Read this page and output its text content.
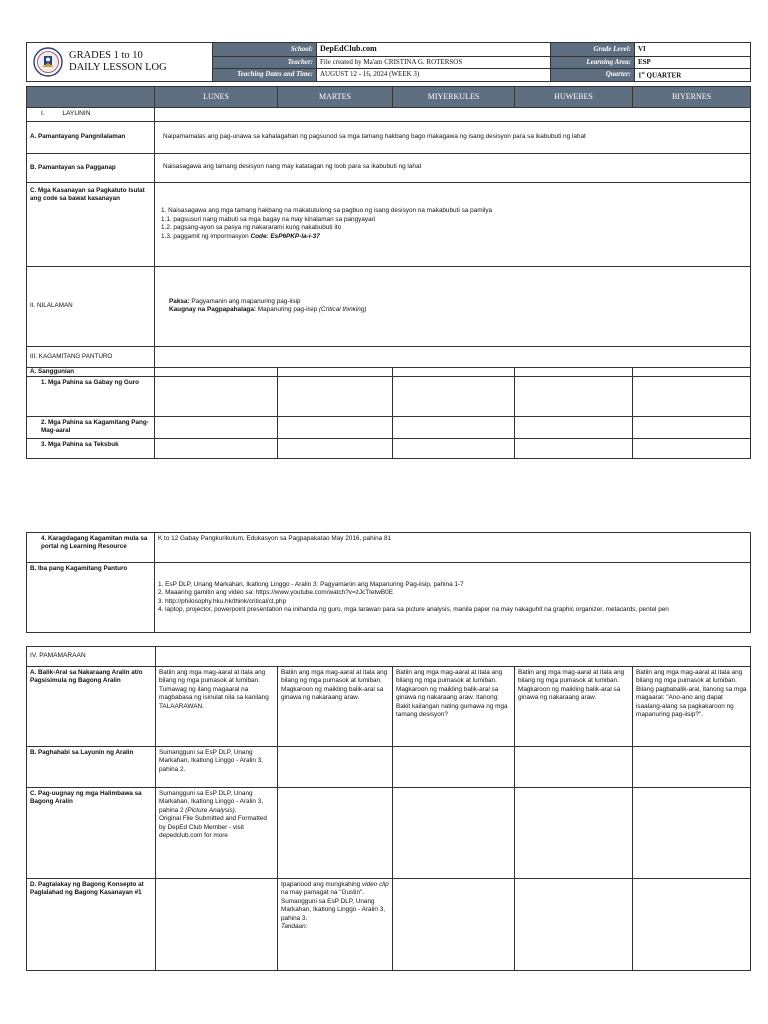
GRADES 1 to 10
DAILY LESSON LOG	School:	DepEdClub.com	Grade Level:	VI
	Teacher:	File created by Ma'am CRISTINA G. ROTERSOS	Learning Area:	ESP
	Teaching Dates and Time:	AUGUST 12 - 16, 2024 (WEEK 3)	Quarter:	1st QUARTER
	LUNES	MARTES	MIYERKULES	HUWEBES	BIYERNES
I. LAYUNIN					
A. Pamantayang Pangnilalaman	Naipamamalas ang pag-unawa sa kahalagahan ng pagsunod sa mga tamang hakbang bago makagawa ng isang desisyon para sa ikabubuti ng lahat				
B. Pamantayan sa Pagganap	Naisasagawa ang tamang desisyon nang may katatagan ng loob para sa ikabubuti ng lahat				
C. Mga Kasanayan sa Pagkatuto Isulat ang code sa bawat kasanayan	1. Naisasagawa ang mga tamang hakbang na makatutulong sa pagbuo ng isang desisyon na makabubuti sa pamilya
1.1. pagsusuri nang mabuti sa mga bagay na may kinalaman sa pangyayari
1.2. pagsang-ayon sa pasya ng nakararami kung nakabubuti ito
1.3. paggamit ng impormasyon Code: EsP6PKP-Ia-i-37				

II. NILALAMAN	Paksa: Pagyamanin ang mapanuring pag-iisip
Kaugnay na Pagpapahalaga: Mapanuring pag-iisip (Critical thinking)				

III. KAGAMITANG PANTURO					
A. Sanggunian					
1. Mga Pahina sa Gabay ng Guro					
2. Mga Pahina sa Kagamitang Pang-Mag-aaral					
3. Mga Pahina sa Teksbuk					
4. Karagdagang Kagamitan mula sa portal ng Learning Resource	K to 12 Gabay Pangkurikulum, Edukasyon sa Pagpapakatao May 2016, pahina 81
B. Iba pang Kagamitang Panturo	1. EsP DLP, Unang Markahan, Ikatlong Linggo - Aralin 3: Pagyamanin ang Mapanuring Pag-iisip, pahina 1-7
2. Maaaring gamitin ang video sa: https://www.youtube.com/watch?v=zJcTtetwB0E
3. http://philosophy.hku.hk/think/critical/ct.php
4. laptop, projector, powerpoint presentation na inihanda ng guro, mga larawan para sa picture analysis, manila paper na may nakaguhit na graphic organizer, metacards, pentel pen
IV. PAMAMARAAN					
A. Balik-Aral sa Nakaraang Aralin at/o Pagsisimula ng Bagong Aralin	Batiin ang mga mag-aaral at itala ang bilang ng mga pumasok at lumiban. Tumawag ng ilang magaaral na magbabasa ng isinulat nila sa kanilang TALAARAWAN.	Batiin ang mga mag-aaral at itala ang bilang ng mga pumasok at lumiban. Magkaroon ng maikling balik-aral sa ginawa ng nakaraang araw.	Batiin ang mga mag-aaral at itala ang bilang ng mga pumasok at lumiban. Magkaroon ng maikling balik-aral sa ginawa ng nakaraang araw. Itanong: Bakit kailangan nating gumawa ng mga tamang desisyon?	Batiin ang mga mag-aaral at itala ang bilang ng mga pumasok at lumiban. Magkaroon ng maikling balik-aral sa ginawa ng nakaraang araw.	Batiin ang mga mag-aaral at itala ang bilang ng mga pumasok at lumiban. Bilang pagbabalik-aral, itanong sa mga magaaral: "Ano-ano ang dapat isaalang-alang sa pagkakaroon ng mapanuring pag-iisip?".
B. Paghahabi sa Layunin ng Aralin	Sumangguni sa EsP DLP, Unang Markahan, Ikatlong Linggo - Aralin 3, pahina 2.				
C. Pag-uugnay ng mga Halimbawa sa Bagong Aralin	Sumangguni sa EsP DLP, Unang Markahan, Ikatlong Linggo - Aralin 3, pahina 2 (Picture Analysis).
Original File Submitted and Formatted by DepEd Club Member - visit depedclub.com for more				

D. Pagtalakay ng Bagong Konsepto at Paglalahad ng Bagong Kasanayan #1		Ipapanood ang mungkahing video clip na may pamagat na "Gustin". Sumangguni sa EsP DLP, Unang Markahan, Ikatlong Linggo - Aralin 3, pahina 3.
Tandaan:			
